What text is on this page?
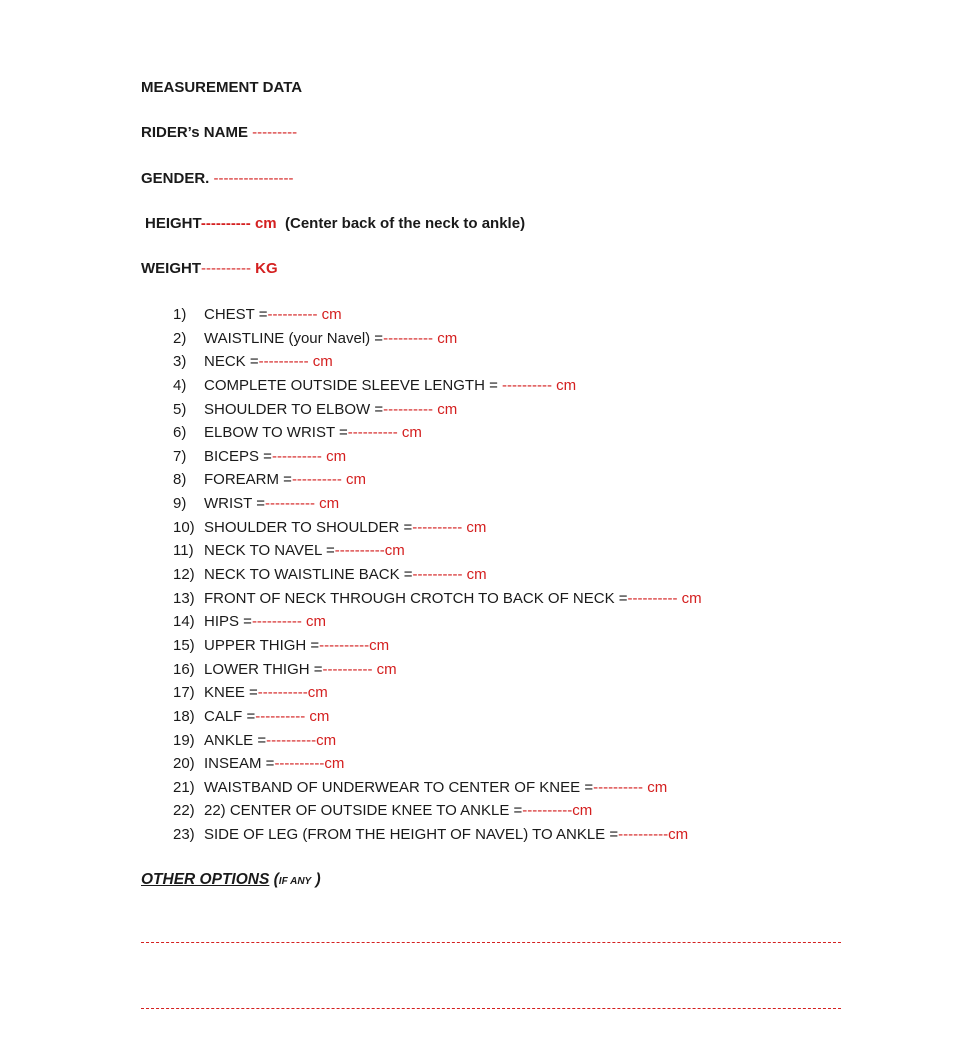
MEASUREMENT DATA
RIDER’s NAME ---------
GENDER. ----------------
HEIGHT---------- cm (Center back of the neck to ankle)
WEIGHT---------- KG
1) CHEST =---------- cm
2) WAISTLINE (your Navel) =---------- cm
3) NECK =---------- cm
4) COMPLETE OUTSIDE SLEEVE LENGTH = ---------- cm
5) SHOULDER TO ELBOW =---------- cm
6) ELBOW TO WRIST =---------- cm
7) BICEPS =---------- cm
8) FOREARM =---------- cm
9) WRIST =---------- cm
10) SHOULDER TO SHOULDER =---------- cm
11) NECK TO NAVEL =----------cm
12) NECK TO WAISTLINE BACK =---------- cm
13) FRONT OF NECK THROUGH CROTCH TO BACK OF NECK =---------- cm
14) HIPS =---------- cm
15) UPPER THIGH =----------cm
16) LOWER THIGH =---------- cm
17) KNEE =----------cm
18) CALF =---------- cm
19) ANKLE =----------cm
20) INSEAM =----------cm
21) WAISTBAND OF UNDERWEAR TO CENTER OF KNEE =---------- cm
22) 22) CENTER OF OUTSIDE KNEE TO ANKLE =----------cm
23) SIDE OF LEG (FROM THE HEIGHT OF NAVEL) TO ANKLE =----------cm
OTHER OPTIONS (IF ANY )
